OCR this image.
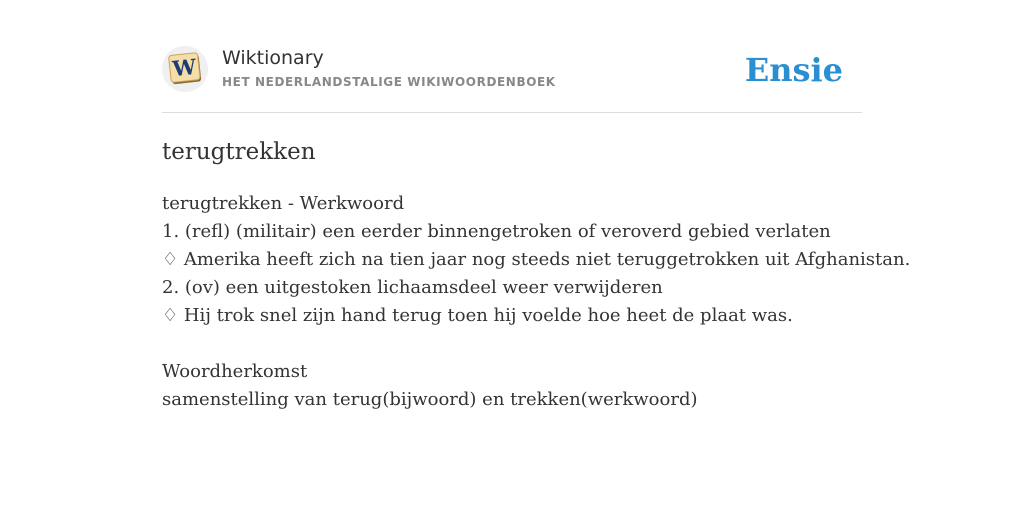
W Wiktionary
HET NEDERLANDSTALIGE WIKIWOORDENBOEK	Ensie
terugtrekken
terugtrekken - Werkwoord
1. (refl) (militair) een eerder binnengetroken of veroverd gebied verlaten
♢ Amerika heeft zich na tien jaar nog steeds niet teruggetrokken uit Afghanistan.
2. (ov) een uitgestoken lichaamsdeel weer verwijderen
♢ Hij trok snel zijn hand terug toen hij voelde hoe heet de plaat was.
Woordherkomst
samenstelling van terug(bijwoord) en trekken(werkwoord)
